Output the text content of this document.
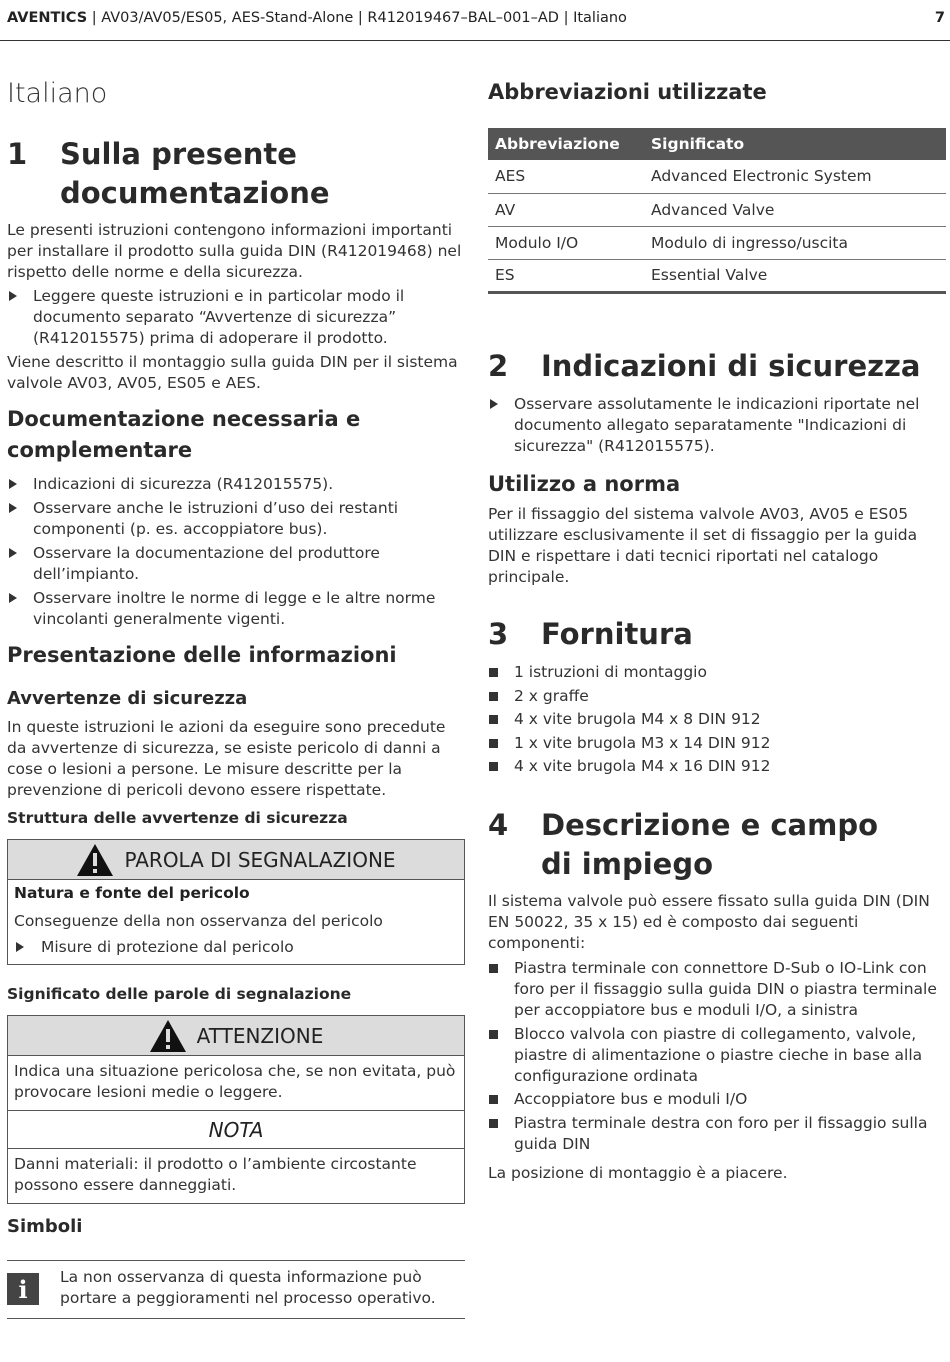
AVENTICS | AV03/AV05/ES05, AES-Stand-Alone | R412019467–BAL–001–AD | Italiano	7
Italiano
1	Sulla presente documentazione

Le presenti istruzioni contengono informazioni importanti per installare il prodotto sulla guida DIN (R412019468) nel rispetto delle norme e della sicurezza.

Leggere queste istruzioni e in particolar modo il documento separato “Avvertenze di sicurezza” (R412015575) prima di adoperare il prodotto.

Viene descritto il montaggio sulla guida DIN per il sistema valvole AV03, AV05, ES05 e AES.

Documentazione necessaria e complementare
Indicazioni di sicurezza (R412015575).
Osservare anche le istruzioni d’uso dei restanti componenti (p. es. accoppiatore bus).
Osservare la documentazione del produttore dell’impianto.
Osservare inoltre le norme di legge e le altre norme vincolanti generalmente vigenti.
Presentazione delle informazioni
Avvertenze di sicurezza

In queste istruzioni le azioni da eseguire sono precedute da avvertenze di sicurezza, se esiste pericolo di danni a cose o lesioni a persone. Le misure descritte per la prevenzione di pericoli devono essere rispettate.

Struttura delle avvertenze di sicurezza
PAROLA DI SEGNALAZIONE
Natura e fonte del pericolo
Conseguenze della non osservanza del pericolo
Misure di protezione dal pericolo
Significato delle parole di segnalazione
ATTENZIONE
Indica una situazione pericolosa che, se non evitata, può provocare lesioni medie o leggere.
NOTA
Danni materiali: il prodotto o l’ambiente circostante possono essere danneggiati.
Simboli
i	La non osservanza di questa informazione può portare a peggioramenti nel processo operativo.

Abbreviazioni utilizzate
Abbreviazione	Significato
AES	Advanced Electronic System
AV	Advanced Valve
Modulo I/O	Modulo di ingresso/uscita
ES	Essential Valve
2	Indicazioni di sicurezza
Osservare assolutamente le indicazioni riportate nel documento allegato separatamente "Indicazioni di sicurezza" (R412015575).
Utilizzo a norma

Per il fissaggio del sistema valvole AV03, AV05 e ES05 utilizzare esclusivamente il set di fissaggio per la guida DIN e rispettare i dati tecnici riportati nel catalogo principale.

3	Fornitura
1 istruzioni di montaggio
2 x graffe
4 x vite brugola M4 x 8 DIN 912
1 x vite brugola M3 x 14 DIN 912
4 x vite brugola M4 x 16 DIN 912
4	Descrizione e campo di impiego

Il sistema valvole può essere fissato sulla guida DIN (DIN EN 50022, 35 x 15) ed è composto dai seguenti componenti:

Piastra terminale con connettore D-Sub o IO-Link con foro per il fissaggio sulla guida DIN o piastra terminale per accoppiatore bus e moduli I/O, a sinistra
Blocco valvola con piastre di collegamento, valvole, piastre di alimentazione o piastre cieche in base alla configurazione ordinata
Accoppiatore bus e moduli I/O
Piastra terminale destra con foro per il fissaggio sulla guida DIN

La posizione di montaggio è a piacere.
